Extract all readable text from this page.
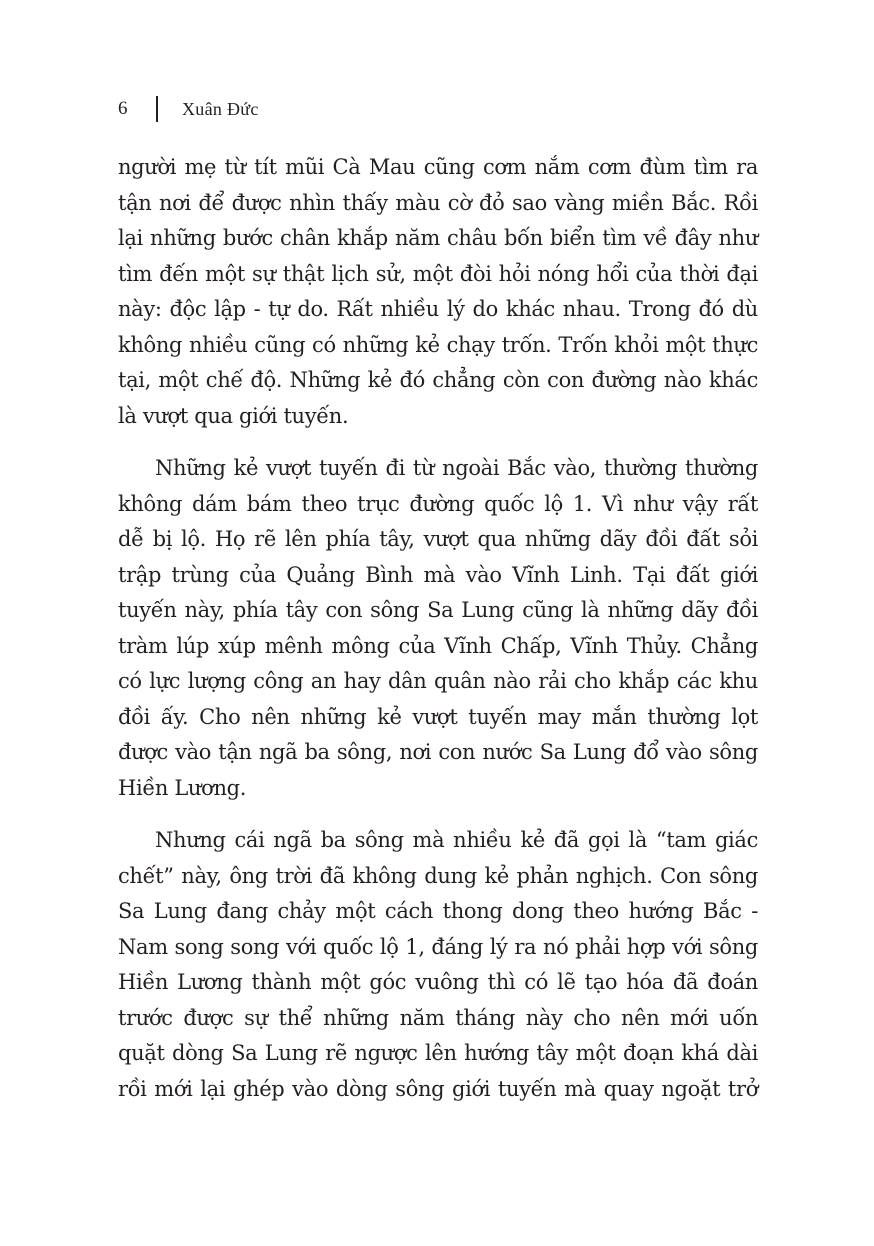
6	Xuân Đức
người mẹ từ tít mũi Cà Mau cũng cơm nắm cơm đùm tìm ra
tận nơi để được nhìn thấy màu cờ đỏ sao vàng miền Bắc. Rồi
lại những bước chân khắp năm châu bốn biển tìm về đây như
tìm đến một sự thật lịch sử, một đòi hỏi nóng hổi của thời đại
này: độc lập - tự do. Rất nhiều lý do khác nhau. Trong đó dù
không nhiều cũng có những kẻ chạy trốn. Trốn khỏi một thực
tại, một chế độ. Những kẻ đó chẳng còn con đường nào khác
là vượt qua giới tuyến.
Những kẻ vượt tuyến đi từ ngoài Bắc vào, thường thường
không dám bám theo trục đường quốc lộ 1. Vì như vậy rất
dễ bị lộ. Họ rẽ lên phía tây, vượt qua những dãy đồi đất sỏi
trập trùng của Quảng Bình mà vào Vĩnh Linh. Tại đất giới
tuyến này, phía tây con sông Sa Lung cũng là những dãy đồi
tràm lúp xúp mênh mông của Vĩnh Chấp, Vĩnh Thủy. Chẳng
có lực lượng công an hay dân quân nào rải cho khắp các khu
đồi ấy. Cho nên những kẻ vượt tuyến may mắn thường lọt
được vào tận ngã ba sông, nơi con nước Sa Lung đổ vào sông
Hiền Lương.
Nhưng cái ngã ba sông mà nhiều kẻ đã gọi là “tam giác
chết” này, ông trời đã không dung kẻ phản nghịch. Con sông
Sa Lung đang chảy một cách thong dong theo hướng Bắc -
Nam song song với quốc lộ 1, đáng lý ra nó phải hợp với sông
Hiền Lương thành một góc vuông thì có lẽ tạo hóa đã đoán
trước được sự thể những năm tháng này cho nên mới uốn
quặt dòng Sa Lung rẽ ngược lên hướng tây một đoạn khá dài
rồi mới lại ghép vào dòng sông giới tuyến mà quay ngoặt trở
